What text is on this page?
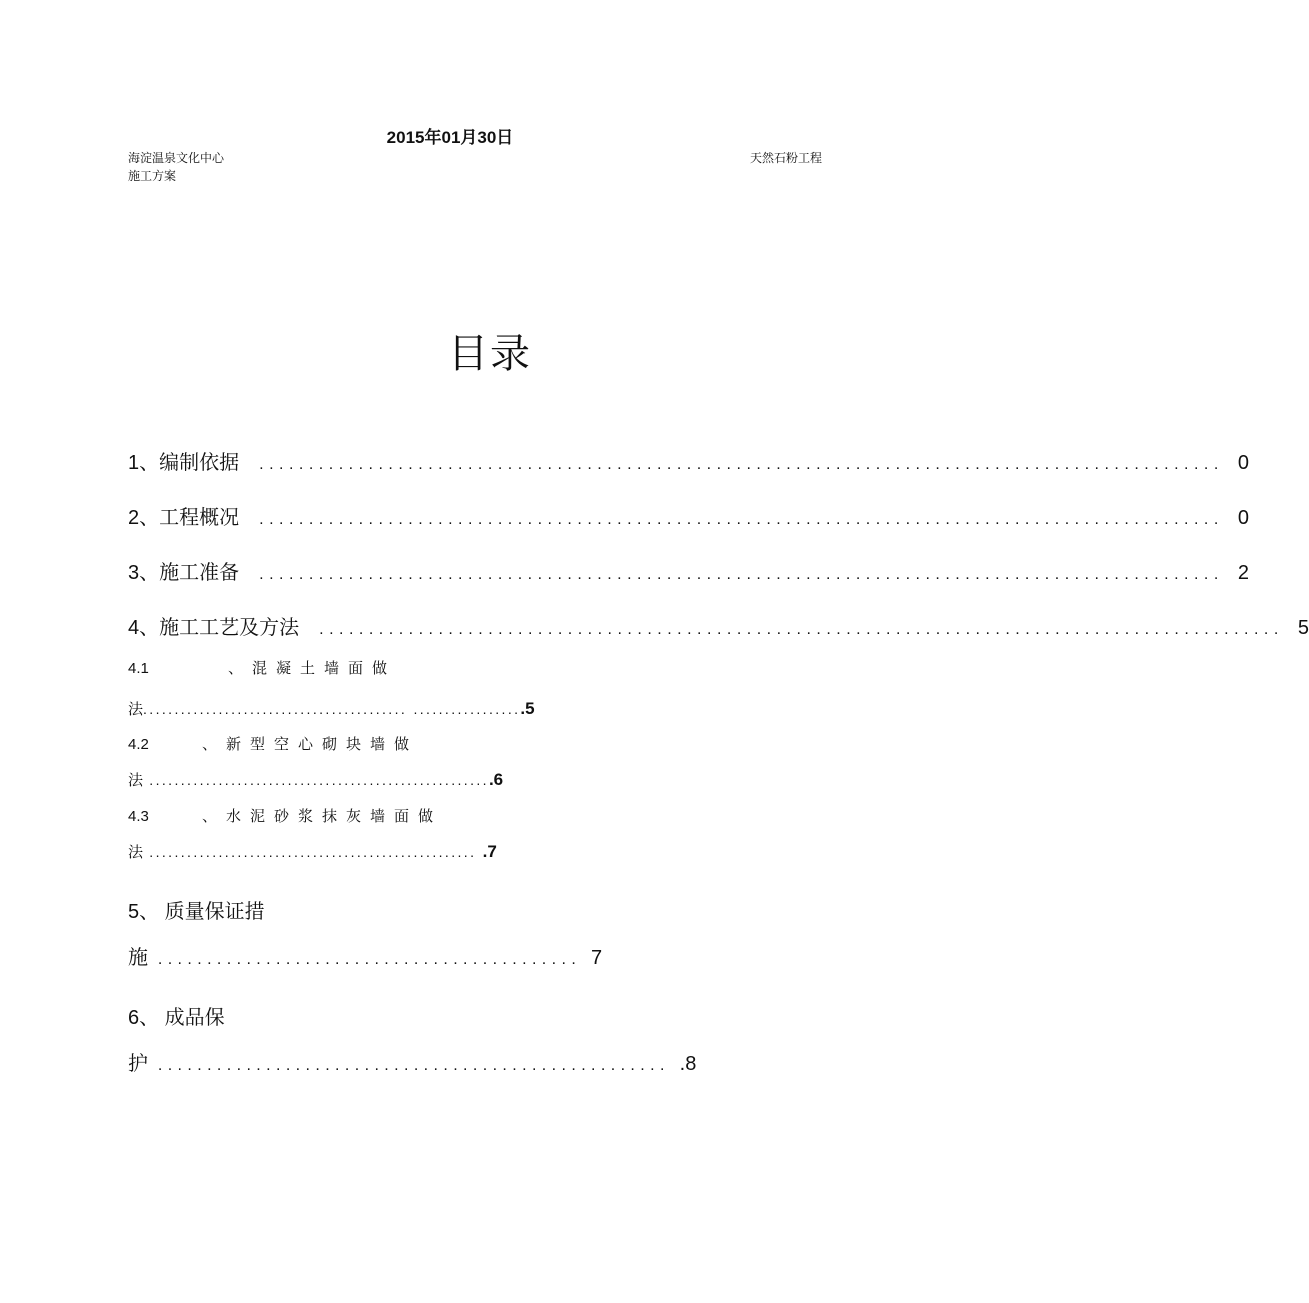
2015年01月30日
海淀温泉文化中心
施工方案
天然石粉工程
目录
1、编制依据 ................................................................................................. 0
2、工程概况 ................................................................................................. 0
3、施工准备 ................................................................................................. 2
4、施工工艺及方法 ................................................................................................. 5
4.1	、混凝土墙面做
法.......................................... ..................5
4.2	、新型空心砌块墙做
法 .......................................................6
4.3	、水泥砂浆抹灰墙面做
法 .................................................... .7
5、 质量保证措
施 ........................................... 7
6、 成品保
护 .................................................... .8
